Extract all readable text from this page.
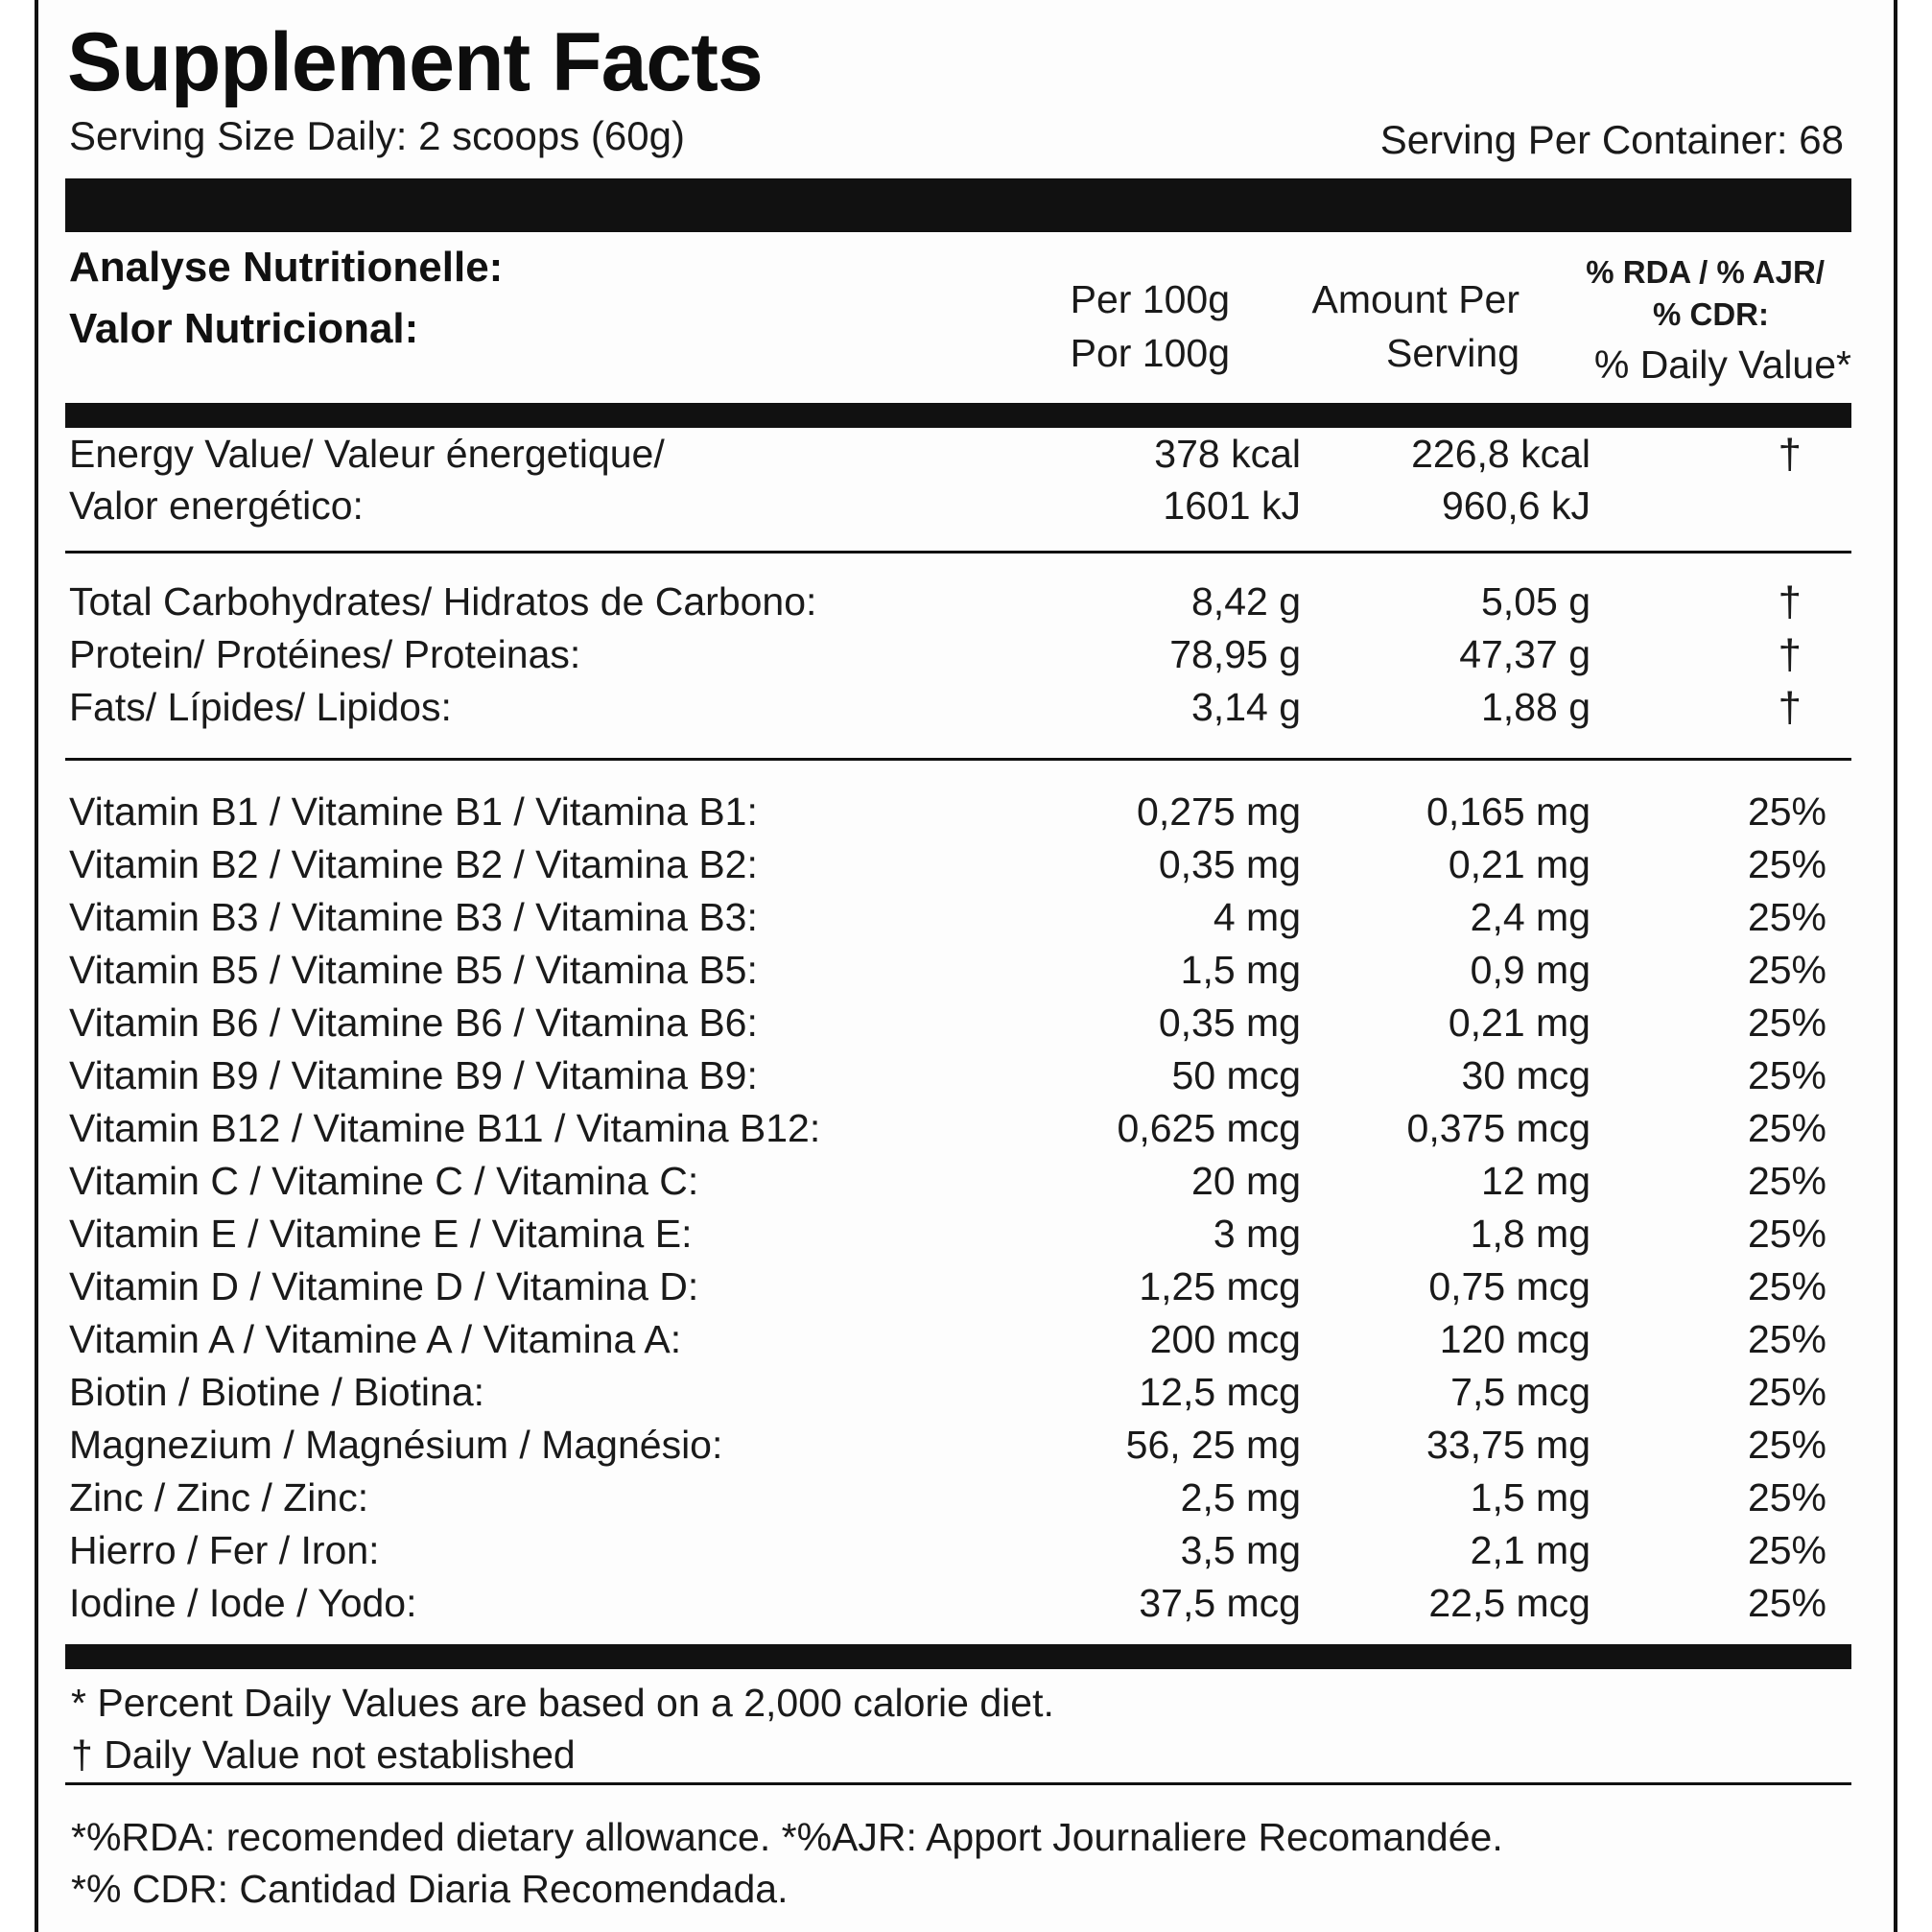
Supplement Facts
Serving Size Daily: 2 scoops (60g)	Serving Per Container: 68
Analyse Nutritionelle:
Valor Nutricional:
Per 100g
Por 100g
Amount Per
Serving
% RDA / % AJR/
% CDR:
% Daily Value*
Energy Value/ Valeur énergetique/	378 kcal	226,8 kcal	†
Valor energético:	1601 kJ	960,6 kJ
Total Carbohydrates/ Hidratos de Carbono:	8,42 g	5,05 g	†
Protein/ Protéines/ Proteinas:	78,95 g	47,37 g	†
Fats/ Lípides/ Lipidos:	3,14 g	1,88 g	†
Vitamin B1 / Vitamine B1 / Vitamina B1:	0,275 mg	0,165 mg	25%
Vitamin B2 / Vitamine B2 / Vitamina B2:	0,35 mg	0,21 mg	25%
Vitamin B3 / Vitamine B3 / Vitamina B3:	4 mg	2,4 mg	25%
Vitamin B5 / Vitamine B5 / Vitamina B5:	1,5 mg	0,9 mg	25%
Vitamin B6 / Vitamine B6 / Vitamina B6:	0,35 mg	0,21 mg	25%
Vitamin B9 / Vitamine B9 / Vitamina B9:	50 mcg	30 mcg	25%
Vitamin B12 / Vitamine B11 / Vitamina B12:	0,625 mcg	0,375 mcg	25%
Vitamin C / Vitamine C / Vitamina C:	20 mg	12 mg	25%
Vitamin E / Vitamine E / Vitamina E:	3 mg	1,8 mg	25%
Vitamin D / Vitamine D / Vitamina D:	1,25 mcg	0,75 mcg	25%
Vitamin A / Vitamine A / Vitamina A:	200 mcg	120 mcg	25%
Biotin / Biotine / Biotina:	12,5 mcg	7,5 mcg	25%
Magnezium / Magnésium / Magnésio:	56, 25 mg	33,75 mg	25%
Zinc / Zinc / Zinc:	2,5 mg	1,5 mg	25%
Hierro / Fer / Iron:	3,5 mg	2,1 mg	25%
Iodine / Iode / Yodo:	37,5 mcg	22,5 mcg	25%
* Percent Daily Values are based on a 2,000 calorie diet.
† Daily Value not established
*%RDA: recomended dietary allowance. *%AJR: Apport Journaliere Recomandée.
*% CDR: Cantidad Diaria Recomendada.
